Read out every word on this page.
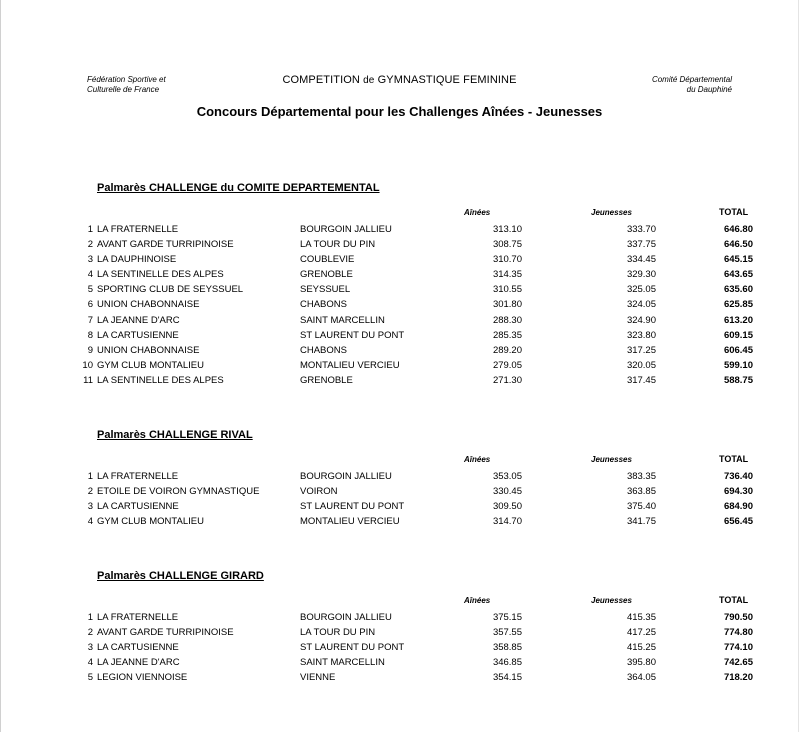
Fédération Sportive et
Culturelle de France
COMPETITION de GYMNASTIQUE FEMININE	Comité Départemental
du Dauphiné
Concours Départemental pour les Challenges Aînées - Jeunesses
Palmarès CHALLENGE du COMITE DEPARTEMENTAL
Aînées	Jeunesses	TOTAL
1 LA FRATERNELLE	BOURGOIN JALLIEU	313.10	333.70	646.80
2 AVANT GARDE TURRIPINOISE	LA TOUR DU PIN	308.75	337.75	646.50
3 LA DAUPHINOISE	COUBLEVIE	310.70	334.45	645.15
4 LA SENTINELLE DES ALPES	GRENOBLE	314.35	329.30	643.65
5 SPORTING CLUB DE SEYSSUEL	SEYSSUEL	310.55	325.05	635.60
6 UNION CHABONNAISE	CHABONS	301.80	324.05	625.85
7 LA JEANNE D'ARC	SAINT MARCELLIN	288.30	324.90	613.20
8 LA CARTUSIENNE	ST LAURENT DU PONT	285.35	323.80	609.15
9 UNION CHABONNAISE	CHABONS	289.20	317.25	606.45
10 GYM CLUB MONTALIEU	MONTALIEU VERCIEU	279.05	320.05	599.10
11 LA SENTINELLE DES ALPES	GRENOBLE	271.30	317.45	588.75
Palmarès CHALLENGE RIVAL
Aînées	Jeunesses	TOTAL
1 LA FRATERNELLE	BOURGOIN JALLIEU	353.05	383.35	736.40
2 ETOILE DE VOIRON GYMNASTIQUE	VOIRON	330.45	363.85	694.30
3 LA CARTUSIENNE	ST LAURENT DU PONT	309.50	375.40	684.90
4 GYM CLUB MONTALIEU	MONTALIEU VERCIEU	314.70	341.75	656.45
Palmarès CHALLENGE GIRARD
Aînées	Jeunesses	TOTAL
1 LA FRATERNELLE	BOURGOIN JALLIEU	375.15	415.35	790.50
2 AVANT GARDE TURRIPINOISE	LA TOUR DU PIN	357.55	417.25	774.80
3 LA CARTUSIENNE	ST LAURENT DU PONT	358.85	415.25	774.10
4 LA JEANNE D'ARC	SAINT MARCELLIN	346.85	395.80	742.65
5 LEGION VIENNOISE	VIENNE	354.15	364.05	718.20
